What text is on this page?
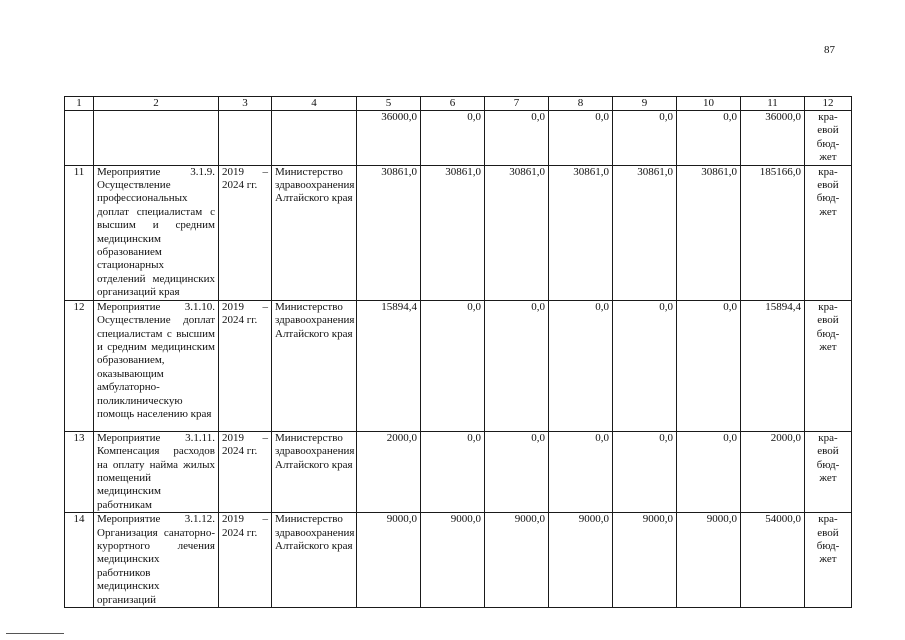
87
1	2	3	4	5	6	7	8	9	10	11	12
				36000,0	0,0	0,0	0,0	0,0	0,0	36000,0	кра-
евой
бюд-
жет
11	Мероприятие 3.1.9. Осуществление профессиональных доплат специалистам с высшим и средним медицинским образованием стационарных отделений медицинских организаций края	2019 – 2024 гг.	Министерство здравоохранения Алтайского края	30861,0	30861,0	30861,0	30861,0	30861,0	30861,0	185166,0	кра-
евой
бюд-
жет
12	Мероприятие 3.1.10. Осуществление доплат специалистам с высшим и средним медицинским образованием, оказывающим амбулаторно-поликлиническую помощь населению края	2019 – 2024 гг.	Министерство здравоохранения Алтайского края	15894,4	0,0	0,0	0,0	0,0	0,0	15894,4	кра-
евой
бюд-
жет
13	Мероприятие 3.1.11. Компенсация расходов на оплату найма жилых помещений медицинским работникам	2019 – 2024 гг.	Министерство здравоохранения Алтайского края	2000,0	0,0	0,0	0,0	0,0	0,0	2000,0	кра-
евой
бюд-
жет
14	Мероприятие 3.1.12. Организация санаторно-курортного лечения медицинских работников медицинских организаций	2019 – 2024 гг.	Министерство здравоохранения Алтайского края	9000,0	9000,0	9000,0	9000,0	9000,0	9000,0	54000,0	кра-
евой
бюд-
жет
